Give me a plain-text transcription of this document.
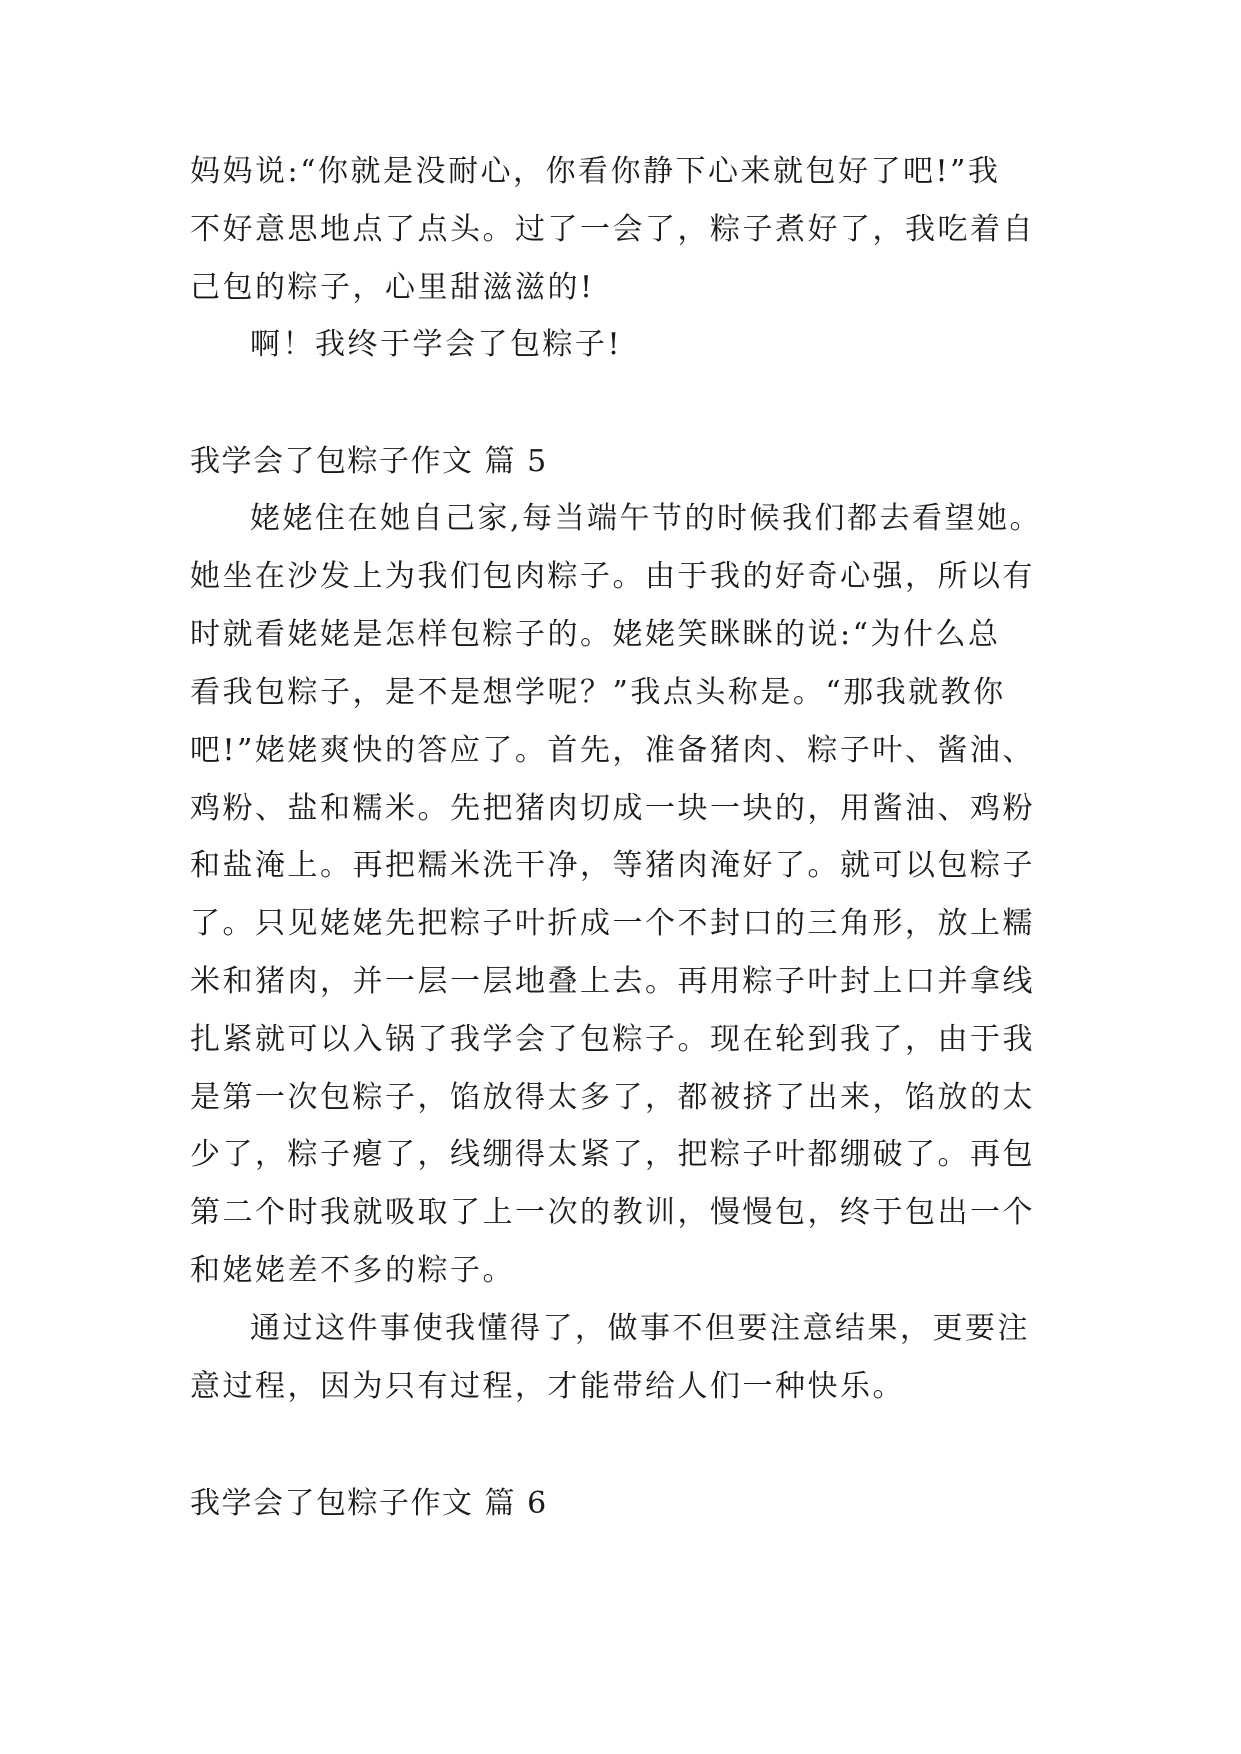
妈妈说:“你就是没耐心，你看你静下心来就包好了吧!”我
不好意思地点了点头。过了一会了，粽子煮好了，我吃着自
己包的粽子，心里甜滋滋的!
啊！我终于学会了包粽子!
我学会了包粽子作文 篇 5
姥姥住在她自己家,每当端午节的时候我们都去看望她。
她坐在沙发上为我们包肉粽子。由于我的好奇心强，所以有
时就看姥姥是怎样包粽子的。姥姥笑眯眯的说:“为什么总
看我包粽子，是不是想学呢？”我点头称是。“那我就教你
吧!”姥姥爽快的答应了。首先，准备猪肉、粽子叶、酱油、
鸡粉、盐和糯米。先把猪肉切成一块一块的，用酱油、鸡粉
和盐淹上。再把糯米洗干净，等猪肉淹好了。就可以包粽子
了。只见姥姥先把粽子叶折成一个不封口的三角形，放上糯
米和猪肉，并一层一层地叠上去。再用粽子叶封上口并拿线
扎紧就可以入锅了我学会了包粽子。现在轮到我了，由于我
是第一次包粽子，馅放得太多了，都被挤了出来，馅放的太
少了，粽子瘪了，线绷得太紧了，把粽子叶都绷破了。再包
第二个时我就吸取了上一次的教训，慢慢包，终于包出一个
和姥姥差不多的粽子。
通过这件事使我懂得了，做事不但要注意结果，更要注
意过程，因为只有过程，才能带给人们一种快乐。
我学会了包粽子作文 篇 6
